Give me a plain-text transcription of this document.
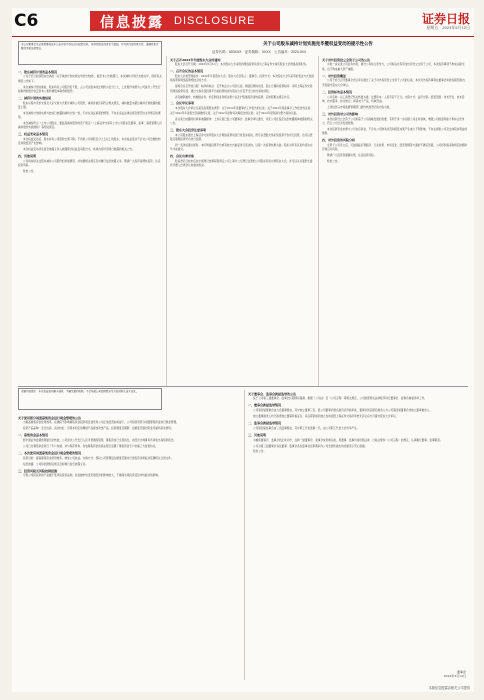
C6	信息披露 DISCLOSURE	证券日报
星期五 2023年5月12日
本公司董事会及全体董事保证本公告内容不存在任何虚假记载、误导性陈述或者重大遗漏，并对其内容的真实性、准确性和完整性承担法律责任。
关于公司股东减持计划实施完毕暨权益变动的提示性公告
证券代码：603XXX　证券简称：XXXX　公告编号：2023-0XX

一、股东减持计划的基本情况

公司于近日收到股东出具的《关于减持计划实施完毕的告知函》，截至本公告披露日，本次减持计划已实施完毕，现将有关情况公告如下。

本次减持计划实施前，股东持有公司股份若干股，占公司总股本的比例约为百分之七，上述股份来源为公司首次公开发行前取得的股份以及资本公积转增股本取得的股份。

二、减持计划的实施结果

股东以集中竞价交易及大宗交易方式累计减持公司股份，减持价格区间符合相关规定，减持数量未超过减持计划披露的数量上限。

本次减持计划的实施与此前已披露的减持计划一致，不存在违反承诺的情形，不存在违反法律法规及规范性文件规定的情形。

本次减持符合《上市公司股东、董监高减持股份的若干规定》《上海证券交易所上市公司股东及董事、监事、高级管理人员减持股份实施细则》等相关规定。

三、权益变动基本情况

本次权益变动后，股东持有公司股份比例下降，不再是公司持股百分之五以上的股东，本次权益变动不会对公司治理结构及持续经营产生影响。

本次权益变动涉及信息披露义务人披露简式权益变动报告书，具体内容详见同日披露的相关公告。

四、其他说明

公司将持续关注股东减持公司股份的进展情况，并依据相关规定及时履行信息披露义务，敬请广大投资者理性投资，注意投资风险。

特此公告。

关于召开2022年年度股东大会的通知

股东大会召开日期：2023年5月31日，本次股东大会采用的网络投票系统为上海证券交易所股东大会网络投票系统。

一、召开会议的基本情况

股东大会类型和届次：2022年年度股东大会。股东大会召集人：董事会。投票方式：本次股东大会所采用的表决方式是现场投票和网络投票相结合的方式。

现场会议召开的日期、时间和地点：召开地点为公司会议室。网络投票的系统、起止日期和投票时间：采用上海证券交易所网络投票系统，通过交易系统投票平台的投票时间为股东大会召开当日的交易时间段。

涉及融资融券、转融通业务、约定购回业务相关账户以及沪股通投资者的投票，应按照相关规定执行。

二、会议审议事项

本次股东大会审议议案及投票股东类型：关于2022年度董事会工作报告的议案；关于2022年度监事会工作报告的议案；关于2022年年度报告及摘要的议案；关于2022年度财务决算报告的议案；关于2022年度利润分配方案的议案。

各议案已披露的时间和披露媒体：上述议案已经公司董事会、监事会审议通过，详见公司在指定信息披露媒体披露的相关公告。

三、股东大会投票注意事项

本公司股东通过上海证券交易所股东大会网络投票系统行使表决权的，既可以登陆交易系统投票平台进行投票，也可以登陆互联网投票平台进行投票。

同一表决权通过现场、本所网络投票平台或其他方式重复进行表决的，以第一次投票结果为准。股东对所有议案均表决完毕才能提交。

四、会议出席对象

股权登记日收市后在中国登记结算有限责任公司上海分公司登记在册的公司股东有权出席股东大会，并可以以书面形式委托代理人出席会议和参加表决。

关于对外投资设立全资子公司的公告

为进一步完善公司业务布局，提升公司综合竞争力，公司拟以自有资金出资设立全资子公司，本次投资事项不构成关联交易，也不构成重大资产重组。

一、对外投资概述

公司于近日召开董事会会议审议通过了关于对外投资设立全资子公司的议案，本次对外投资事项在董事会审批权限范围内，无需提交股东大会审议。

二、投资标的基本情况

公司名称：以工商登记机关核准为准。注册资本：人民币若干万元。出资方式：货币出资。经营范围：技术开发、技术咨询、技术服务、技术转让；销售电子产品、机械设备。

上述信息以市场监督管理部门最终核准登记的内容为准。

三、对外投资对公司的影响

本次投资设立全资子公司是基于公司战略发展的需要，有利于进一步拓展公司业务领域，增强公司的盈利能力和综合竞争力，符合公司长远发展规划。

本次投资资金来源为公司自有资金，不会对公司财务状况和经营成果产生重大不利影响，不存在损害公司及全体股东利益的情形。

四、对外投资的风险分析

全资子公司设立后，可能面临宏观经济、行业政策、市场变化、经营管理等方面的不确定因素，公司将积极采取相应措施防范和应对风险。

敬请广大投资者谨慎决策，注意投资风险。

特此公告。

重要内容提示：本次权益变动属于减持，不触及要约收购，不会导致公司控股股东及实际控制人发生变化。

关于使用部分闲置募集资金进行现金管理的公告

为提高募集资金使用效率，在确保不影响募集资金投资项目建设和公司正常经营的前提下，公司拟使用部分闲置募集资金进行现金管理。

投资产品品种：安全性高、流动性好、有保本约定的理财产品或存款类产品。投资额度及期限：在额度范围内资金可循环滚动使用。

一、募集资金基本情况

经中国证券监督管理委员会核准，公司首次公开发行人民币普通股股票，募集资金已全部到位，并经会计师事务所审验出具验资报告。

公司已对募集资金进行了专户存储，并与保荐机构、存放募集资金的商业银行签署了募集资金专户存储三方监管协议。

二、本次使用闲置募集资金进行现金管理的情况

投资目的：提高募集资金使用效率，增加公司收益。实施方式：授权公司管理层在额度范围内行使投资决策权并签署相关合同文件。

信息披露：公司将依据相关规定及时履行信息披露义务。

三、投资风险及风险控制措施

尽管公司拟投资的产品属于低风险投资品种，但金融市场受宏观经济的影响较大，不排除该项投资受到市场波动的影响。

关于董事会、监事会换届选举的公告

鉴于公司第三届董事会、监事会任期即将届满，根据《公司法》及《公司章程》等相关规定，公司按照相关法律程序进行董事会、监事会换届选举工作。

一、董事会换届选举情况

公司第四届董事会由九名董事组成，其中独立董事三名。经公司董事会提名委员会资格审查，董事会同意提名候选人为公司第四届董事会非独立董事候选人。

独立董事候选人均已取得独立董事资格证书，其任职资格和独立性尚需经上海证券交易所审核无异议后方可提交股东大会审议。

二、监事会换届选举情况

公司第四届监事会由三名监事组成，其中职工代表监事一名，由公司职工代表大会选举产生。

三、其他说明

为确保董事会、监事会的正常运作，在新一届董事会、监事会成员就任前，原董事、监事仍将依照法律、行政法规和《公司章程》的规定，认真履行董事、监事职责。

公司对第三届董事会各位董事、监事会各位监事在任职期间为公司发展所做出的贡献表示衷心感谢。

特此公告。

董事会
2023年5月12日
本版信息披露由相关公司提供
